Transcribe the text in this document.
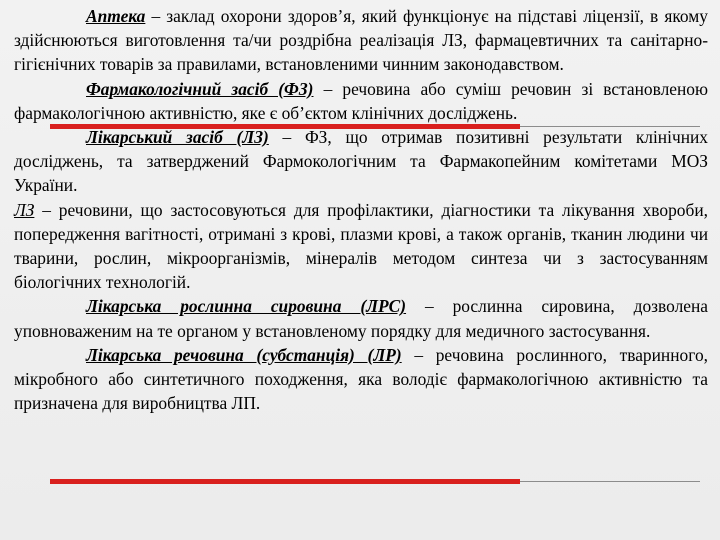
Аптека – заклад охорони здоров’я, який функціонує на підставі ліцензії, в якому здійснюються виготовлення та/чи роздрібна реалізація ЛЗ, фармацевтичних та санітарно-гігієнічних товарів за правилами, встановленими чинним законодавством.

Фармакологічний засіб (ФЗ) – речовина або суміш речовин зі встановленою фармакологічною активністю, яке є об’єктом клінічних досліджень.

Лікарський засіб (ЛЗ) – ФЗ, що отримав позитивні результати клінічних досліджень, та затверджений Фармокологічним та Фармакопейним комітетами МОЗ України.

ЛЗ – речовини, що застосовуються для профілактики, діагностики та лікування хвороби, попередження вагітності, отримані з крові, плазми крові, а також органів, тканин людини чи тварини, рослин, мікроорганізмів, мінералів методом синтеза чи з застосуванням біологічних технологій.

Лікарська рослинна сировина (ЛРС) – рослинна сировина, дозволена уповноваженим на те органом у встановленому порядку для медичного застосування.

Лікарська речовина (субстанція) (ЛР) – речовина рослинного, тваринного, мікробного або синтетичного походження, яка володіє фармакологічною активністю та призначена для виробництва ЛП.
